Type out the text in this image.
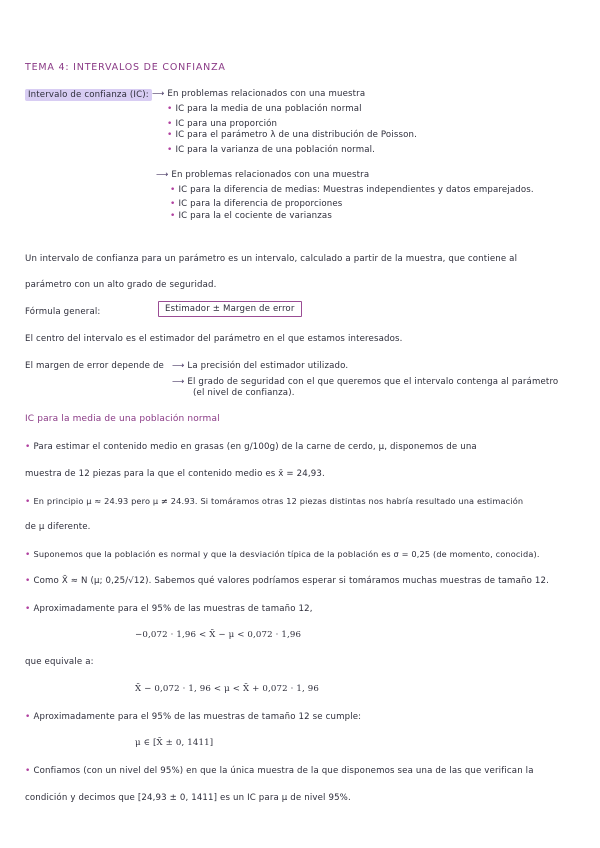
TEMA 4: INTERVALOS DE CONFIANZA
Intervalo de confianza (IC): ⟶ En problemas relacionados con una muestra
• IC para la media de una población normal
• IC para una proporción
• IC para el parámetro λ de una distribución de Poisson.
• IC para la varianza de una población normal.
⟶ En problemas relacionados con una muestra
• IC para la diferencia de medias: Muestras independientes y datos emparejados.
• IC para la diferencia de proporciones
• IC para la el cociente de varianzas
Un intervalo de confianza para un parámetro es un intervalo, calculado a partir de la muestra, que contiene al
parámetro con un alto grado de seguridad.
Fórmula general:	Estimador ± Margen de error
El centro del intervalo es el estimador del parámetro en el que estamos interesados.
El margen de error depende de ⟶ La precisión del estimador utilizado.
⟶ El grado de seguridad con el que queremos que el intervalo contenga al parámetro
(el nivel de confianza).
IC para la media de una población normal
• Para estimar el contenido medio en grasas (en g/100g) de la carne de cerdo, μ, disponemos de una
muestra de 12 piezas para la que el contenido medio es x̄ = 24,93.
• En principio μ ≈ 24.93 pero μ ≠ 24.93. Si tomáramos otras 12 piezas distintas nos habría resultado una estimación
de μ diferente.
• Suponemos que la población es normal y que la desviación típica de la población es σ = 0,25 (de momento, conocida).
• Como X̄ ≈ N (μ; 0,25/√12). Sabemos qué valores podríamos esperar si tomáramos muchas muestras de tamaño 12.
• Aproximadamente para el 95% de las muestras de tamaño 12,
−0,072 · 1,96 < X̄ − μ < 0,072 · 1,96
que equivale a:
X̄ − 0,072 · 1, 96 < μ < X̄ + 0,072 · 1, 96
• Aproximadamente para el 95% de las muestras de tamaño 12 se cumple:
μ ∈ [X̄ ± 0, 1411]
• Confiamos (con un nivel del 95%) en que la única muestra de la que disponemos sea una de las que verifican la
condición y decimos que [24,93 ± 0, 1411] es un IC para μ de nivel 95%.
